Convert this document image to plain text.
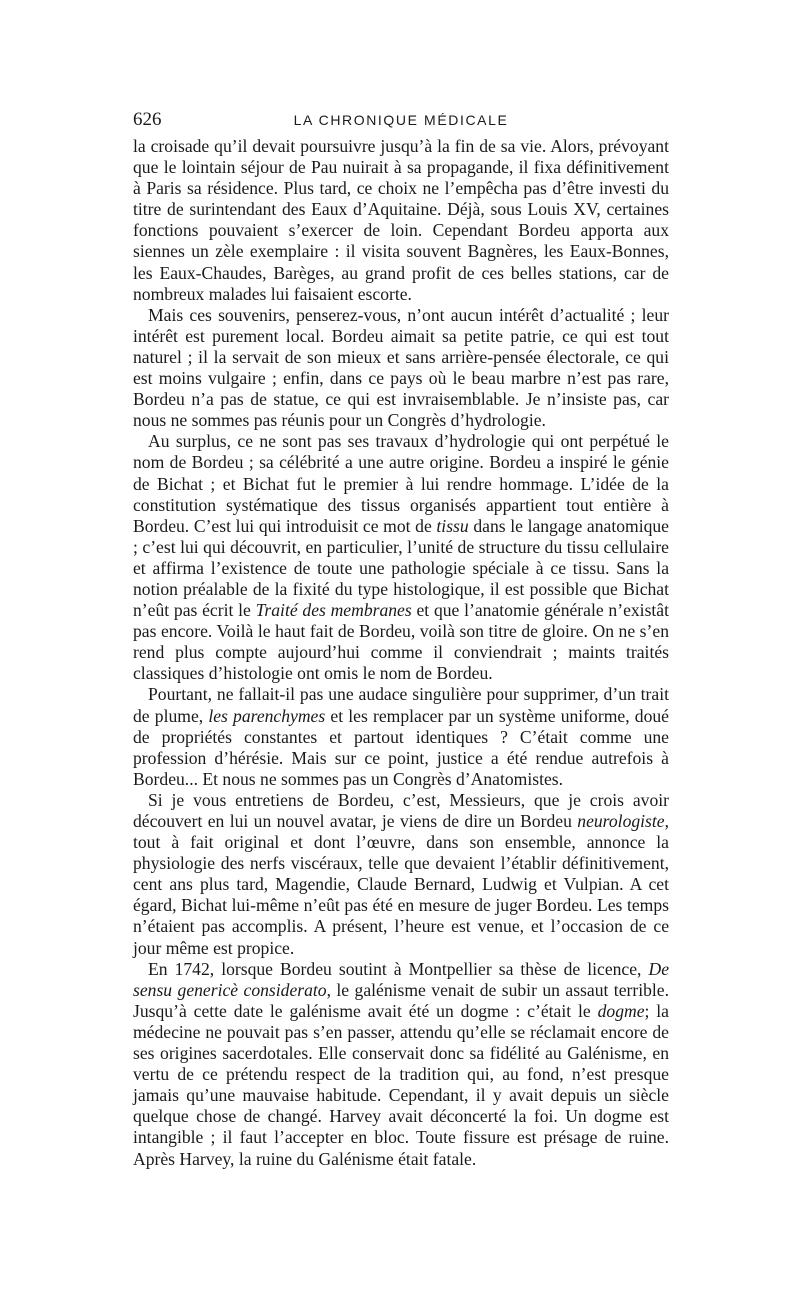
626	LA CHRONIQUE MÉDICALE

la croisade qu’il devait poursuivre jusqu’à la fin de sa vie. Alors, prévoyant que le lointain séjour de Pau nuirait à sa propagande, il fixa définitivement à Paris sa résidence. Plus tard, ce choix ne l’empêcha pas d’être investi du titre de surintendant des Eaux d’Aquitaine. Déjà, sous Louis XV, certaines fonctions pouvaient s’exercer de loin. Cependant Bordeu apporta aux siennes un zèle exemplaire : il visita souvent Bagnères, les Eaux-Bonnes, les Eaux-Chaudes, Barèges, au grand profit de ces belles stations, car de nombreux malades lui faisaient escorte.

Mais ces souvenirs, penserez-vous, n’ont aucun intérêt d’actualité ; leur intérêt est purement local. Bordeu aimait sa petite patrie, ce qui est tout naturel ; il la servait de son mieux et sans arrière-pensée électorale, ce qui est moins vulgaire ; enfin, dans ce pays où le beau marbre n’est pas rare, Bordeu n’a pas de statue, ce qui est invraisemblable. Je n’insiste pas, car nous ne sommes pas réunis pour un Congrès d’hydrologie.

Au surplus, ce ne sont pas ses travaux d’hydrologie qui ont perpétué le nom de Bordeu ; sa célébrité a une autre origine. Bordeu a inspiré le génie de Bichat ; et Bichat fut le premier à lui rendre hommage. L’idée de la constitution systématique des tissus organisés appartient tout entière à Bordeu. C’est lui qui introduisit ce mot de tissu dans le langage anatomique ; c’est lui qui découvrit, en particulier, l’unité de structure du tissu cellulaire et affirma l’existence de toute une pathologie spéciale à ce tissu. Sans la notion préalable de la fixité du type histologique, il est possible que Bichat n’eût pas écrit le Traité des membranes et que l’anatomie générale n’existât pas encore. Voilà le haut fait de Bordeu, voilà son titre de gloire. On ne s’en rend plus compte aujourd’hui comme il conviendrait ; maints traités classiques d’histologie ont omis le nom de Bordeu.

Pourtant, ne fallait-il pas une audace singulière pour supprimer, d’un trait de plume, les parenchymes et les remplacer par un système uniforme, doué de propriétés constantes et partout identiques ? C’était comme une profession d’hérésie. Mais sur ce point, justice a été rendue autrefois à Bordeu... Et nous ne sommes pas un Congrès d’Anatomistes.

Si je vous entretiens de Bordeu, c’est, Messieurs, que je crois avoir découvert en lui un nouvel avatar, je viens de dire un Bordeu neurologiste, tout à fait original et dont l’œuvre, dans son ensemble, annonce la physiologie des nerfs viscéraux, telle que devaient l’établir définitivement, cent ans plus tard, Magendie, Claude Bernard, Ludwig et Vulpian. A cet égard, Bichat lui-même n’eût pas été en mesure de juger Bordeu. Les temps n’étaient pas accomplis. A présent, l’heure est venue, et l’occasion de ce jour même est propice.

En 1742, lorsque Bordeu soutint à Montpellier sa thèse de licence, De sensu genericè considerato, le galénisme venait de subir un assaut terrible. Jusqu’à cette date le galénisme avait été un dogme : c’était le dogme; la médecine ne pouvait pas s’en passer, attendu qu’elle se réclamait encore de ses origines sacerdotales. Elle conservait donc sa fidélité au Galénisme, en vertu de ce prétendu respect de la tradition qui, au fond, n’est presque jamais qu’une mauvaise habitude. Cependant, il y avait depuis un siècle quelque chose de changé. Harvey avait déconcerté la foi. Un dogme est intangible ; il faut l’accepter en bloc. Toute fissure est présage de ruine. Après Harvey, la ruine du Galénisme était fatale.
